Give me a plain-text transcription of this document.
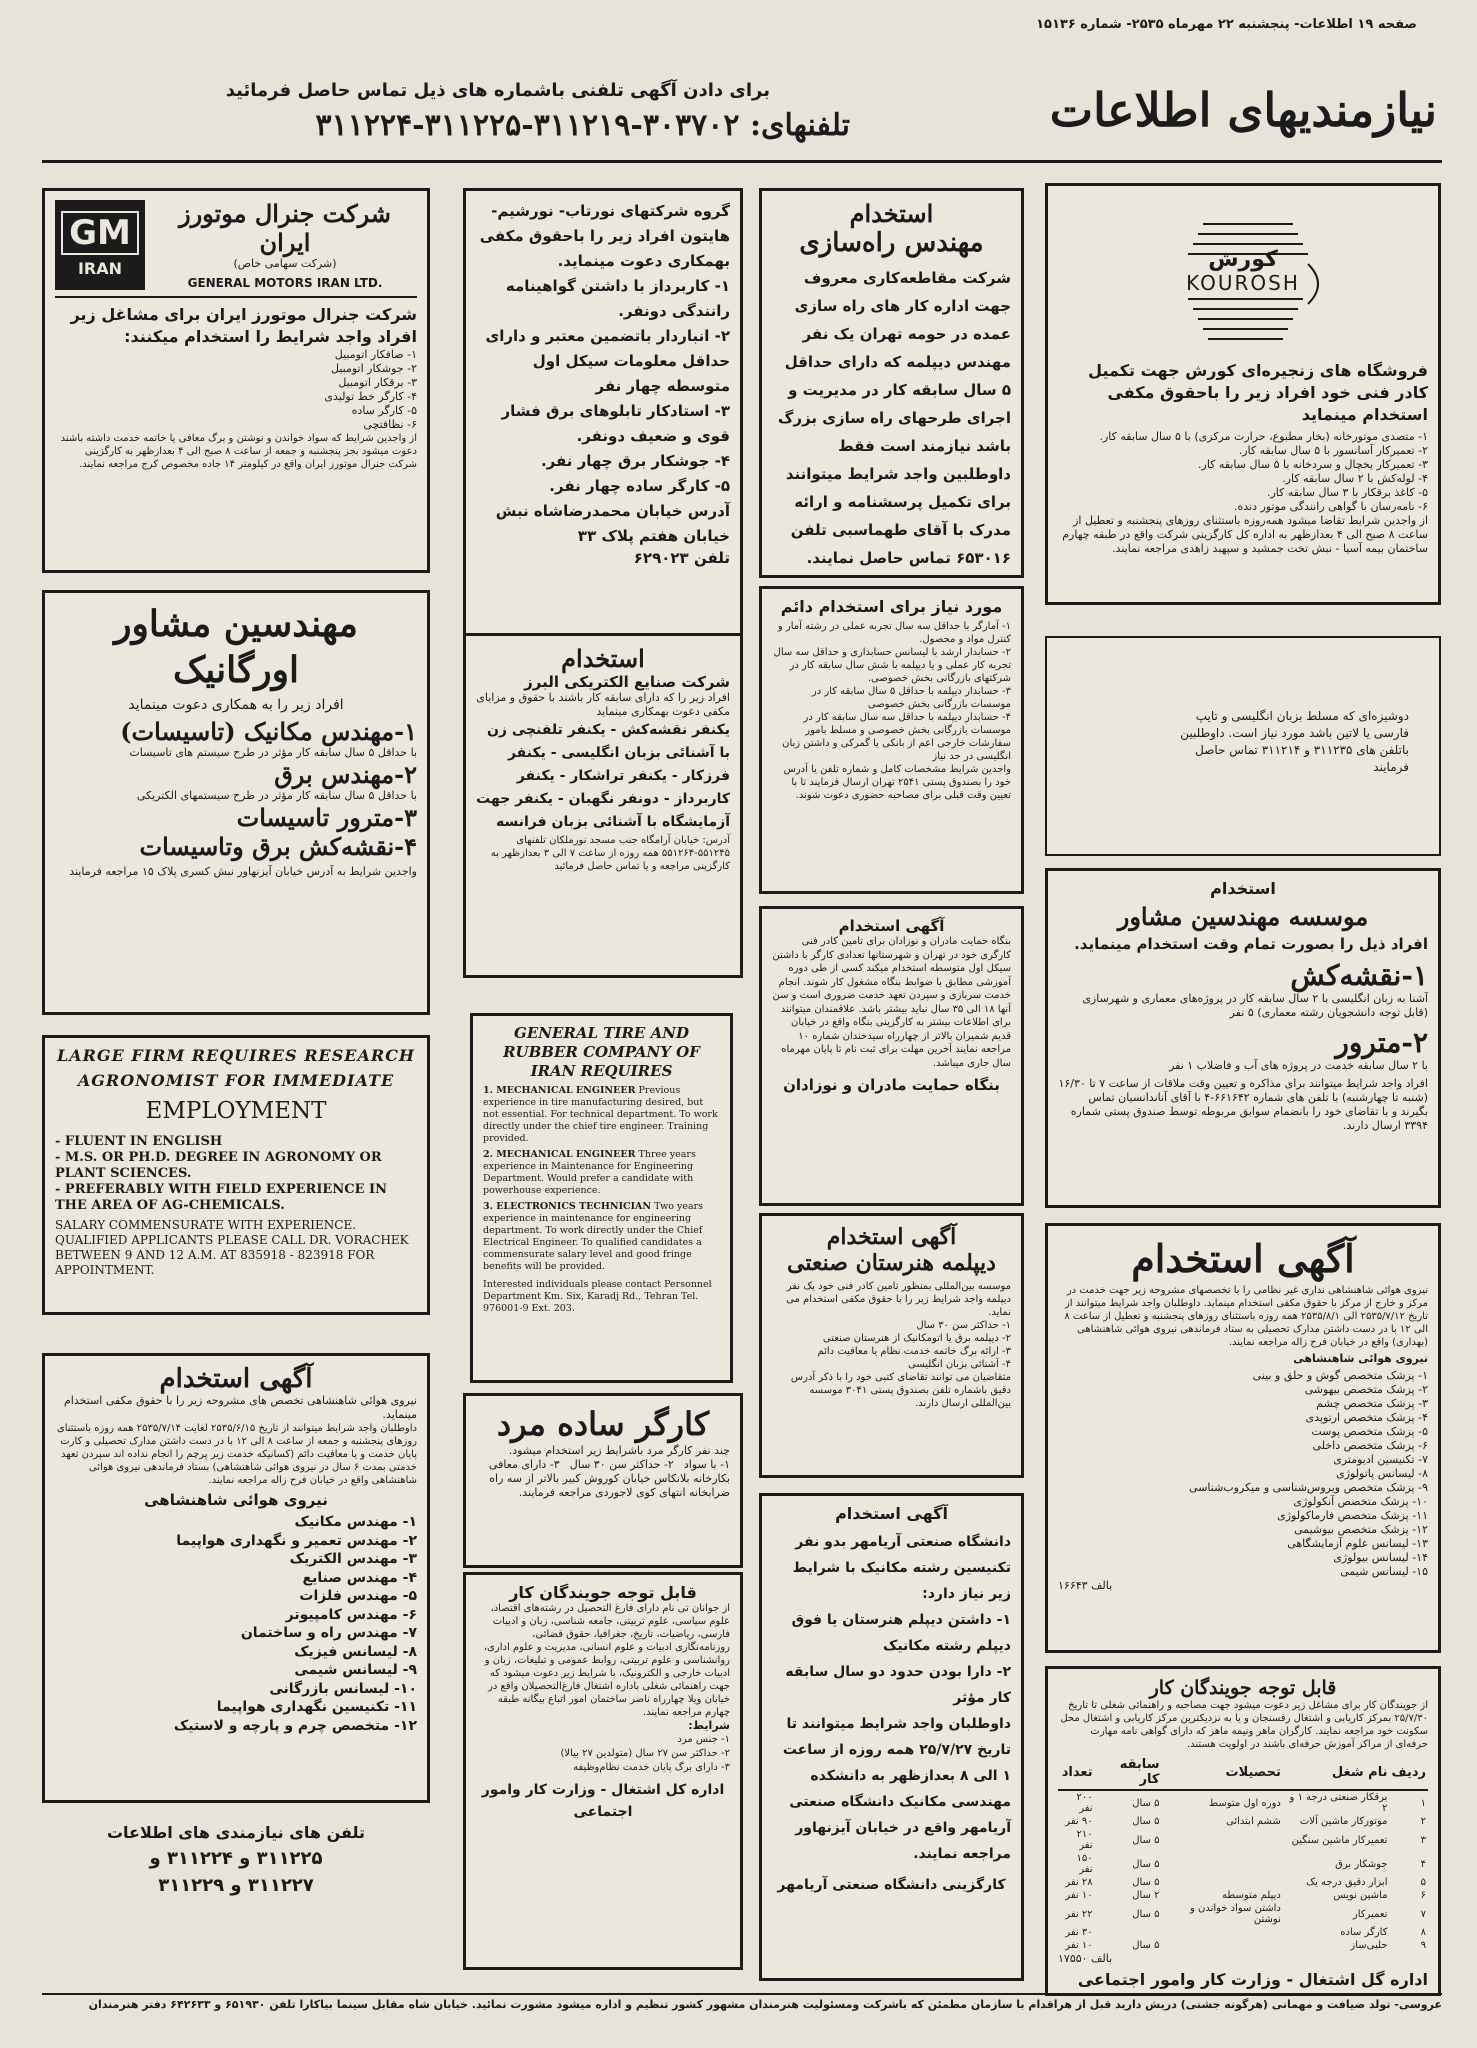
صفحه ۱۹ اطلاعات- پنجشنبه ۲۲ مهرماه ۲۵۳۵- شماره ۱۵۱۳۶
نیازمندیهای اطلاعات
برای دادن آگهی تلفنی باشماره های ذیل تماس حاصل فرمائید
تلفنهای: ۳۰۳۷۰۲-۳۱۱۲۱۹-۳۱۱۲۲۵-۳۱۱۲۲۴
کورش
KOUROSH
فروشگاه های زنجیره‌ای کورش جهت تکمیل کادر فنی خود افراد زیر را باحقوق مکفی استخدام مینماید
۱- متصدی موتورخانه (بخار مطبوع، حرارت مرکزی) با ۵ سال سابقه کار.
۲- تعمیرکار آسانسور با ۵ سال سابقه کار.
۳- تعمیرکار یخچال و سردخانه با ۵ سال سابقه کار.
۴- لوله‌کش با ۲ سال سابقه کار.
۵- کاغذ برقکار با ۳ سال سابقه کار.
۶- نامه‌رسان با گواهی رانندگی موتور دنده.
از واجدین شرایط تقاضا میشود همه‌روزه باستثنای روزهای پنجشنبه و تعطیل از ساعت ۸ صبح الی ۴ بعدازظهر به اداره کل کارگزینی شرکت واقع در طبقه چهارم ساختمان بیمه آسیا - نبش تخت جمشید و سپهبد زاهدی مراجعه نمایند.
دوشیزه‌ای که مسلط بزبان انگلیسی و تایپ فارسی یا لاتین باشد مورد نیاز است. داوطلبین باتلفن های ۳۱۱۲۳۵ و ۳۱۱۲۱۴ تماس حاصل فرمایند
استخدام
موسسه مهندسین مشاور
افراد ذیل را بصورت تمام وقت استخدام مینماید.
۱-نقشه‌کش
آشنا به زبان انگلیسی با ۲ سال سابقه کار در پروژه‌های معماری و شهرسازی (قابل توجه دانشجویان رشته معماری) ۵ نفر
۲-مترور
با ۲ سال سابقه خدمت در پروژه های آب و فاضلاب ۱ نفر
افراد واجد شرایط میتوانند برای مذاکره و تعیین وقت ملاقات از ساعت ۷ تا ۱۶/۳۰ (شنبه تا چهارشنبه) با تلفن های شماره ۶۶۱۶۴۲-۴ با آقای آناندانسیان تماس بگیرند و یا تقاضای خود را بانضمام سوابق مربوطه توسط صندوق پستی شماره ۳۳۹۴ ارسال دارند.
آگهی استخدام
نیروی هوائی شاهنشاهی نداری غیر نظامی را با تخصصهای مشروحه زیر جهت خدمت در مرکز و خارج از مرکز با حقوق مکفی استخدام مینماید. داوطلبان واجد شرایط میتوانند از تاریخ ۲۵۳۵/۷/۱۲ الی ۲۵۳۵/۸/۱ همه روزه باستثنای روزهای پنجشنبه و تعطیل از ساعت ۸ الی ۱۲ با در دست داشتن مدارک تحصیلی به ستاد فرماندهی نیروی هوائی شاهنشاهی (بهداری) واقع در خیابان فرح زاله مراجعه نمایند.
نیروی هوائی شاهنشاهی
۱- پزشک متخصص گوش و حلق و بینی
۲- پزشک متخصص بیهوشی
۳- پزشک متخصص چشم
۴- پزشک متخصص ارتوپدی
۵- پزشک متخصص پوست
۶- پزشک متخصص داخلی
۷- تکنیسین ادیومتری
۸- لیسانس پاتولوژی
۹- پزشک متخصص ویروس‌شناسی و میکروب‌شناسی
۱۰- پزشک متخصص آنکولوژی
۱۱- پزشک متخصص فارماکولوژی
۱۲- پزشک متخصص بیوشیمی
۱۳- لیسانس علوم آزمایشگاهی
۱۴- لیسانس بیولوژی
۱۵- لیسانس شیمی
بالف ۱۶۶۴۳
قابل توجه جویندگان کار
از جویندگان کار برای مشاغل زیر دعوت میشود جهت مصاحبه و راهنمائی شغلی تا تاریخ ۲۵/۷/۳۰ بمرکز کاریابی و اشتغال رفسنجان و یا به نزدیکترین مرکز کاریابی و اشتغال محل سکونت خود مراجعه نمایند. کارگران ماهر ونیمه ماهر که دارای گواهی نامه مهارت حرفه‌ای از مراکز آموزش حرفه‌ای باشند در اولویت هستند.
ردیف	نام شغل	تحصیلات	سابقه کار	تعداد
۱	برقکار صنعتی درجه ۱ و ۲	دوره اول متوسط	۵ سال	۲۰۰ نفر
۲	موتورکار ماشین آلات	ششم ابتدائی	۵ سال	۹۰ نفر
۳	تعمیرکار ماشین سنگین		۵ سال	۲۱۰ نفر
۴	جوشکار برق		۵ سال	۱۵۰ نفر
۵	ابزار دقیق درجه یک		۵ سال	۲۸ نفر
۶	ماشین نویس	دیپلم متوسطه	۲ سال	۱۰ نفر
۷	تعمیرکار	داشتن سواد خواندن و نوشتن	۵ سال	۲۲ نفر
۸	کارگر ساده			۳۰ نفر
۹	حلبی‌ساز		۵ سال	۱۰ نفر
بالف ۱۷۵۵۰
اداره گل اشتغال - وزارت کار وامور اجتماعی
استخدام
مهندس راه‌سازی
شرکت مقاطعه‌کاری معروف جهت اداره کار های راه سازی عمده در حومه تهران یک نفر مهندس دیپلمه که دارای حداقل ۵ سال سابقه کار در مدیریت و اجرای طرحهای راه سازی بزرگ باشد نیازمند است فقط داوطلبین واجد شرایط میتوانند برای تکمیل پرسشنامه و ارائه مدرک با آقای طهماسبی تلفن ۶۵۳۰۱۶ تماس حاصل نمایند.
مورد نیاز برای استخدام دائم
۱- آمارگر با حداقل سه سال تجربه عملی در رشته آمار و کنترل مواد و محصول.
۲- حسابدار ارشد با لیسانس حسابداری و حداقل سه سال تجربه کار عملی و یا دیپلمه با شش سال سابقه کار در شرکتهای بازرگانی بخش خصوصی.
۳- حسابدار دیپلمه با حداقل ۵ سال سابقه کار در موسسات بازرگانی بخش خصوصی
۴- حسابدار دیپلمه با حداقل سه سال سابقه کار در موسسات بازرگانی بخش خصوصی و مسلط بامور سفارشات خارجی اعم از بانکی یا گمرکی و داشتن زبان انگلیسی در حد نیاز
واجدین شرایط مشخصات کامل و شماره تلفن یا آدرس خود را بصندوق پستی ۲۵۴۱ تهران ارسال فرمایند تا با تعیین وقت قبلی برای مصاحبه حضوری دعوت شوند.
آگهی استخدام
بنگاه حمایت مادران و نوزادان برای تامین کادر فنی کارگری خود در تهران و شهرستانها تعدادی کارگر با داشتن سیکل اول متوسطه استخدام میکند کسی از طی دوره آموزشی مطابق با ضوابط بنگاه مشغول کار شوند. انجام خدمت سربازی و سپردن تعهد خدمت ضروری است و سن آنها ۱۸ الی ۳۵ سال نباید بیشتر باشد. علاقمندان میتوانند برای اطلاعات بیشتر به کارگزینی بنگاه واقع در خیابان قدیم شمیران بالاتر از چهارراه سیدخندان شماره ۱۰ مراجعه نمایند آخرین مهلت برای ثبت نام تا پایان مهرماه سال جاری میباشد.
بنگاه حمایت مادران و نوزادان
آگهی استخدام
دیپلمه هنرستان صنعتی
موسسه بین‌المللی بمنظور تامین کادر فنی خود یک نفر دیپلمه واجد شرایط زیر را با حقوق مکفی استخدام می نماید.
۱- حداکثر سن ۳۰ سال
۲- دیپلمه برق یا اتومکانیک از هنرستان صنعتی
۳- ارائه برگ خاتمه خدمت نظام یا معافیت دائم
۴- آشنائی بزبان انگلیسی
متقاضیان می توانند تقاضای کتبی خود را با ذکر آدرس دقیق باشماره تلفن بصندوق پستی ۳۰۴۱ موسسه بین‌المللی ارسال دارند.
آگهی استخدام
دانشگاه صنعتی آریامهر بدو نفر تکنیسین رشته مکانیک با شرایط زیر نیاز دارد:
۱- داشتن دیپلم هنرستان یا فوق دیپلم رشته مکانیک
۲- دارا بودن حدود دو سال سابقه کار مؤثر
داوطلبان واجد شرایط میتوانند تا تاریخ ۲۵/۷/۲۷ همه روزه از ساعت ۱ الی ۸ بعدازظهر به دانشکده مهندسی مکانیک دانشگاه صنعتی آریامهر واقع در خیابان آیزنهاور مراجعه نمایند.
کارگزینی دانشگاه صنعتی آریامهر
گروه شرکتهای نورتاب- نورشیم- هایتون افراد زیر را باحقوق مکفی بهمکاری دعوت مینماید.
۱- کاربرداز با داشتن گواهینامه رانندگی دونفر.
۲- انباردار باتضمین معتبر و دارای حداقل معلومات سیکل اول متوسطه چهار نفر
۳- استادکار تابلوهای برق فشار قوی و ضعیف دونفر.
۴- جوشکار برق چهار نفر.
۵- کارگر ساده چهار نفر.
آدرس خیابان محمدرضاشاه نبش خیابان هفتم پلاک ۳۳
تلفن ۶۲۹۰۲۳
استخدام
شرکت صنایع الکتریکی البرز
افراد زیر را که دارای سابقه کار باشند با حقوق و مزایای مکفی دعوت بهمکاری مینماید
یکنفر نقشه‌کش - یکنفر تلفنچی زن با آشنائی بزبان انگلیسی - یکنفر فرزکار - یکنفر تراشکار - یکنفر کاربرداز - دونفر نگهبان - یکنفر جهت آزمایشگاه با آشنائی بزبان فرانسه
آدرس: خیابان آرامگاه جنب مسجد نورملکان تلفنهای ۵۵۱۲۴۵-۵۵۱۲۶۴ همه روزه از ساعت ۷ الی ۳ بعدازظهر به کارگزینی مراجعه و یا تماس حاصل فرمائید
GENERAL TIRE AND RUBBER COMPANY OF IRAN REQUIRES
1. MECHANICAL ENGINEER Previous experience in tire manufacturing desired, but not essential. For technical department. To work directly under the chief tire engineer. Training provided.
2. MECHANICAL ENGINEER Three years experience in Maintenance for Engineering Department. Would prefer a candidate with powerhouse experience.
3. ELECTRONICS TECHNICIAN Two years experience in maintenance for engineering department. To work directly under the Chief Electrical Engineer. To qualified candidates a commensurate salary level and good fringe benefits will be provided.
Interested individuals please contact Personnel Department Km. Six, Karadj Rd., Tehran Tel. 976001-9 Ext. 203.
کارگر ساده مرد
چند نفر کارگر مرد باشرایط زیر استخدام میشود.
۱- با سواد
۲- حداکثر سن ۳۰ سال
۳- دارای معافی
بکارخانه بلانکاس خیابان کوروش کبیر بالاتر از سه راه ضرابخانه انتهای کوی لاجوردی مراجعه فرمایند.
قابل توجه جویندگان کار
از جوانان تی نام دارای فارغ التحصیل در رشته‌های اقتصاد، علوم سیاسی، علوم تربیتی، جامعه شناسی، زبان و ادبیات فارسی، ریاضیات، تاریخ، جغرافیا، حقوق قضائی، روزنامه‌نگاری ادبیات و علوم انسانی، مدیریت و علوم اداری، روانشناسی و علوم تربیتی، روابط عمومی و تبلیغات، زبان و ادبیات خارجی و الکترونیک، با شرایط زیر دعوت میشود که جهت راهنمائی شغلی باداره اشتغال فارغ‌التحصیلان واقع در خیابان ویلا چهارراه ناصر ساختمان امور اتباع بیگانه طبقه چهارم مراجعه نمایند.
شرایط:
۱- جنس مرد
۲- حداکثر سن ۲۷ سال (متولدین ۲۷ بیالا)
۳- دارای برگ پایان خدمت نظام‌وظیفه
اداره کل اشتغال - وزارت کار وامور اجتماعی
GM
IRAN
شرکت جنرال موتورز ایران
(شرکت سهامی خاص)
GENERAL MOTORS IRAN LTD.
شرکت جنرال موتورز ایران برای مشاغل زیر افراد واجد شرایط را استخدام میکنند:
۱- صافکار اتومبیل
۲- جوشکار اتومبیل
۳- برقکار اتومبیل
۴- کارگر خط تولیدی
۵- کارگر ساده
۶- نظافتچی
از واجدین شرایط که سواد خواندن و نوشتن و برگ معافی یا خاتمه خدمت داشته باشند دعوت میشود بجز پنجشنبه و جمعه از ساعت ۸ صبح الی ۴ بعدازظهر به کارگزینی شرکت جنرال موتورز ایران واقع در کیلومتر ۱۴ جاده مخصوص کرج مراجعه نمایند.
مهندسین مشاور
اورگانیک
افراد زیر را به همکاری دعوت مینماید
۱-مهندس مکانیک (تاسیسات)
با حداقل ۵ سال سابقه کار مؤثر در طرح سیستم های تاسیسات
۲-مهندس برق
با حداقل ۵ سال سابقه کار مؤثر در طرح سیستمهای الکتریکی
۳-مترور تاسیسات
۴-نقشه‌کش برق وتاسیسات
واجدین شرایط به آدرس خیابان آیزنهاور نبش کسری پلاک ۱۵ مراجعه فرمایند
LARGE FIRM REQUIRES RESEARCH
AGRONOMIST FOR IMMEDIATE
EMPLOYMENT
- FLUENT IN ENGLISH
- M.S. OR PH.D. DEGREE IN AGRONOMY OR PLANT SCIENCES.
- PREFERABLY WITH FIELD EXPERIENCE IN THE AREA OF AG-CHEMICALS.
SALARY COMMENSURATE WITH EXPERIENCE. QUALIFIED APPLICANTS PLEASE CALL DR. VORACHEK BETWEEN 9 AND 12 A.M. AT 835918 - 823918 FOR APPOINTMENT.
آگهی استخدام
نیروی هوائی شاهنشاهی تخصص های مشروحه زیر را با حقوق مکفی استخدام مینماید.
داوطلبان واجد شرایط میتوانند از تاریخ ۲۵۳۵/۶/۱۵ لغایت ۲۵۳۵/۷/۱۴ همه روزه باستثنای روزهای پنجشنبه و جمعه از ساعت ۸ الی ۱۲ با در دست داشتن مدارک تحصیلی و کارت پایان خدمت و یا معافیت دائم (کسانیکه خدمت زیر پرچم را انجام نداده اند سپردن تعهد خدمتی بمدت ۶ سال در نیروی هوائی شاهنشاهی) بستاد فرماندهی نیروی هوائی شاهنشاهی واقع در خیابان فرح زاله مراجعه نمایند.
نیروی هوائی شاهنشاهی
۱- مهندس مکانیک
۲- مهندس تعمیر و نگهداری هواپیما
۳- مهندس الکتریک
۴- مهندس صنایع
۵- مهندس فلزات
۶- مهندس کامپیوتر
۷- مهندس راه و ساختمان
۸- لیسانس فیزیک
۹- لیسانس شیمی
۱۰- لیسانس بازرگانی
۱۱- تکنیسین نگهداری هواپیما
۱۲- متخصص چرم و پارچه و لاستیک
تلفن های نیازمندی های اطلاعات
۳۱۱۲۲۵ و ۳۱۱۲۲۴ و
۳۱۱۲۲۷ و ۳۱۱۲۲۹
عروسی- تولد ضیافت و مهمانی (هرگونه جشنی) دریش دارید قبل از هراقدام با سازمان مطمئن که باشرکت ومسئولیت هنرمندان مشهور کشور تنظیم و اداره میشود مشورت نمائید. خیابان شاه مقابل سینما بیاکارا تلفن ۶۵۱۹۳۰ و ۶۴۲۶۳۳ دفتر هنرمندان
